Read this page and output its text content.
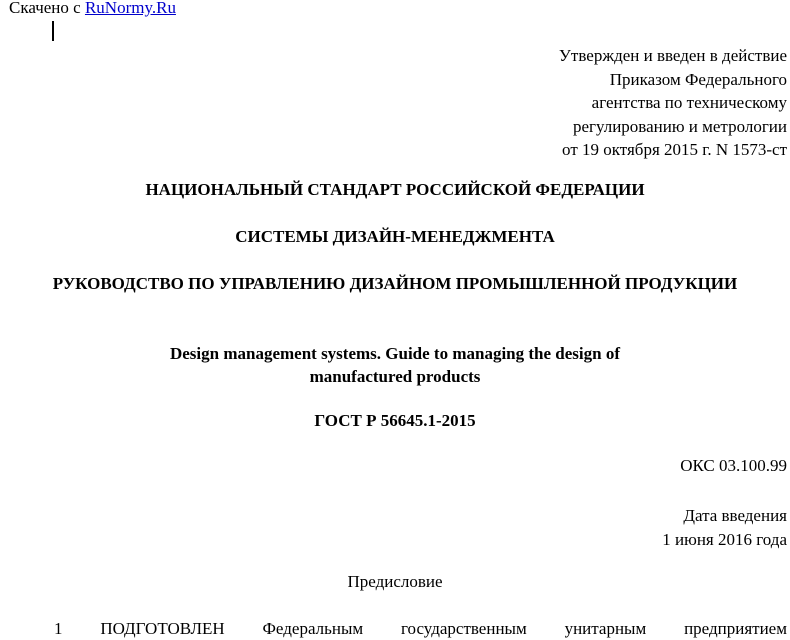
Скачено с RuNormy.Ru
Утвержден и введен в действие
Приказом Федерального
агентства по техническому
регулированию и метрологии
от 19 октября 2015 г. N 1573-ст
НАЦИОНАЛЬНЫЙ СТАНДАРТ РОССИЙСКОЙ ФЕДЕРАЦИИ
СИСТЕМЫ ДИЗАЙН-МЕНЕДЖМЕНТА
РУКОВОДСТВО ПО УПРАВЛЕНИЮ ДИЗАЙНОМ ПРОМЫШЛЕННОЙ ПРОДУКЦИИ
Design management systems. Guide to managing the design of manufactured products
ГОСТ Р 56645.1-2015
ОКС 03.100.99
Дата введения
1 июня 2016 года
Предисловие
1 ПОДГОТОВЛЕН Федеральным государственным унитарным предприятием
